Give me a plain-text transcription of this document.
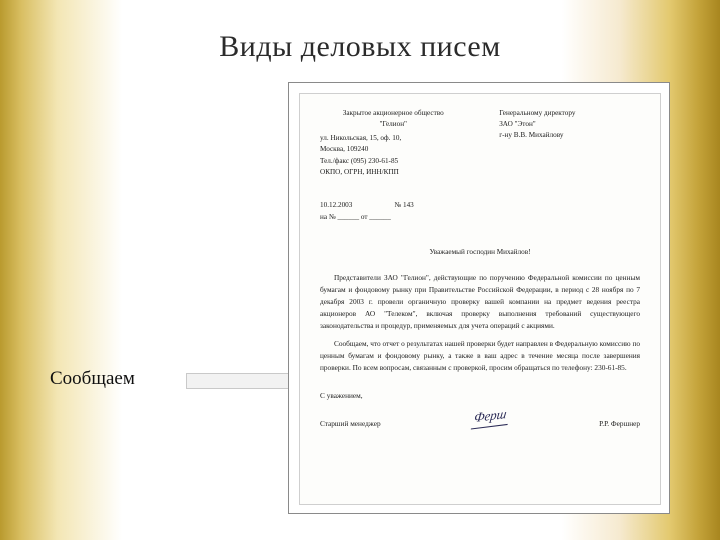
Виды деловых писем
Сообщаем
Закрытое акционерное общество
"Гелион"
ул. Никольская, 15, оф. 10,
Москва, 109240
Тел./факс (095) 230-61-85
ОКПО, ОГРН, ИНН/КПП
Генеральному директору
ЗАО "Этон"
г-ну В.В. Михайлову
10.12.2003	№ 143
на № ______ от ______
Уважаемый господин Михайлов!

Представители ЗАО "Гелион", действующие по поручению Федеральной комиссии по ценным бумагам и фондовому рынку при Правительстве Российской Федерации, в период с 28 ноября по 7 декабря 2003 г. провели органичную проверку вашей компании на предмет ведения реестра акционеров АО "Телеком", включая проверку выполнения требований существующего законодательства и процедур, применяемых для учета операций с акциями.

Сообщаем, что отчет о результатах нашей проверки будет направлен в Федеральную комиссию по ценным бумагам и фондовому рынку, а также в ваш адрес в течение месяца после завершения проверки. По всем вопросам, связанным с проверкой, просим обращаться по телефону: 230-61-85.

С уважением,
Старший менеджер	Ферш	Р.Р. Фершнер
